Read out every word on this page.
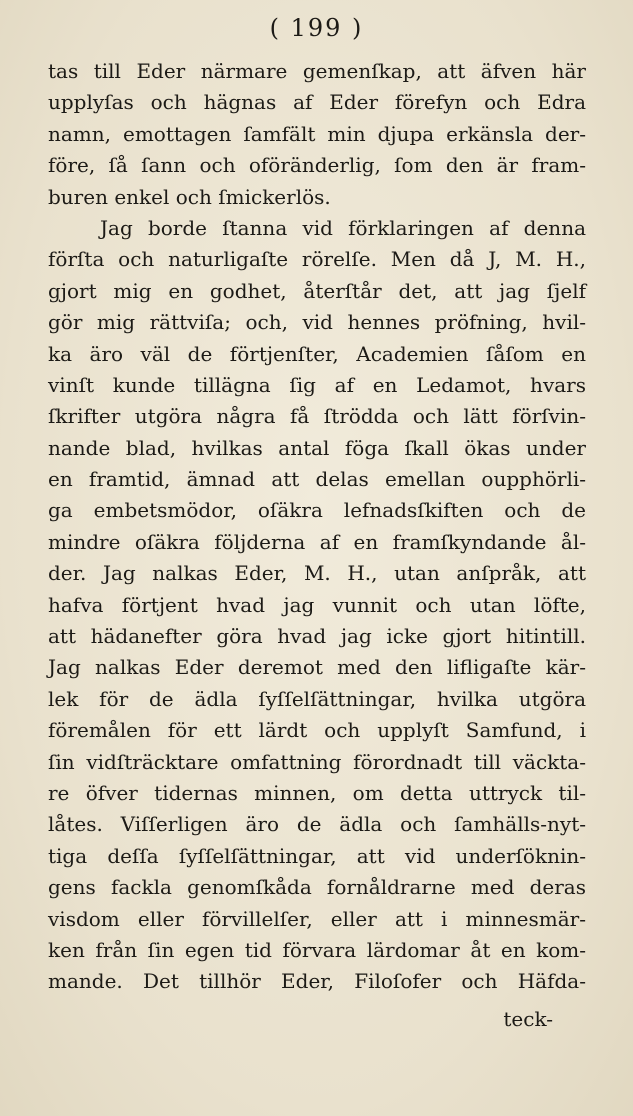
( 199 )
tas till Eder närmare gemenſkap, att äfven här
upplyſas och hägnas af Eder förefyn och Edra
namn, emottagen ſamfält min djupa erkänsla der-
före, ſå ſann och oföränderlig, ſom den är fram-
buren enkel och ſmickerlös.
Jag borde ſtanna vid förklaringen af denna
förſta och naturligaſte rörelſe. Men då J, M. H.,
gjort mig en godhet, återſtår det, att jag ſjelf
gör mig rättviſa; och, vid hennes pröfning, hvil-
ka äro väl de förtjenſter, Academien ſåſom en
vinſt kunde tillägna ſig af en Ledamot, hvars
ſkrifter utgöra några få ſtrödda och lätt förſvin-
nande blad, hvilkas antal föga ſkall ökas under
en framtid, ämnad att delas emellan oupphörli-
ga embetsmödor, oſäkra lefnadsſkiften och de
mindre oſäkra följderna af en framſkyndande ål-
der. Jag nalkas Eder, M. H., utan anſpråk, att
hafva förtjent hvad jag vunnit och utan löfte,
att hädanefter göra hvad jag icke gjort hitintill.
Jag nalkas Eder deremot med den lifligaſte kär-
lek för de ädla ſyſſelſättningar, hvilka utgöra
föremålen för ett lärdt och upplyſt Samfund, i
ſin vidſträcktare omfattning förordnadt till väckta-
re öfver tidernas minnen, om detta uttryck til-
låtes. Viſſerligen äro de ädla och ſamhälls-nyt-
tiga deſſa ſyſſelſättningar, att vid underſöknin-
gens fackla genomſkåda fornåldrarne med deras
visdom eller förvillelſer, eller att i minnesmär-
ken från ſin egen tid förvara lärdomar åt en kom-
mande. Det tillhör Eder, Filoſofer och Häfda-
teck-
